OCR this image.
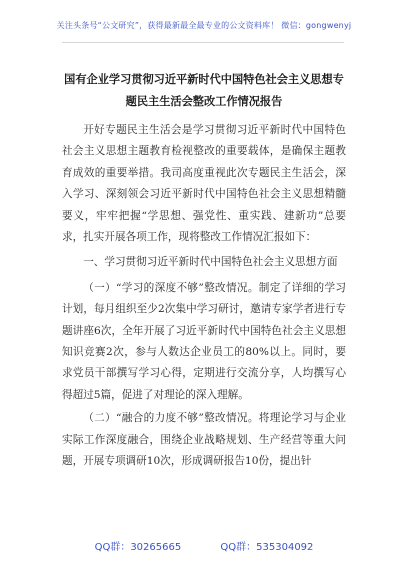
关注头条号“公文研究”，获得最新最全最专业的公文资料库！ 微信：gongwenyj
国有企业学习贯彻习近平新时代中国特色社会主义思想专
题民主生活会整改工作情况报告

开好专题民主生活会是学习贯彻习近平新时代中国特色社会主义思想主题教育检视整改的重要载体，是确保主题教育成效的重要举措。我司高度重视此次专题民主生活会，深入学习、深刻领会习近平新时代中国特色社会主义思想精髓要义，牢牢把握“学思想、强党性、重实践、建新功”总要求，扎实开展各项工作，现将整改工作情况汇报如下：

一、学习贯彻习近平新时代中国特色社会主义思想方面

（一）“学习的深度不够”整改情况。制定了详细的学习计划，每月组织至少2次集中学习研讨，邀请专家学者进行专题讲座6次，全年开展了习近平新时代中国特色社会主义思想知识竞赛2次，参与人数达企业员工的80%以上。同时，要求党员干部撰写学习心得，定期进行交流分享，人均撰写心得超过5篇，促进了对理论的深入理解。

（二）“融合的力度不够”整改情况。将理论学习与企业实际工作深度融合，围绕企业战略规划、生产经营等重大问题，开展专项调研10次，形成调研报告10份，提出针

QQ群：30265665	QQ群：535304092
